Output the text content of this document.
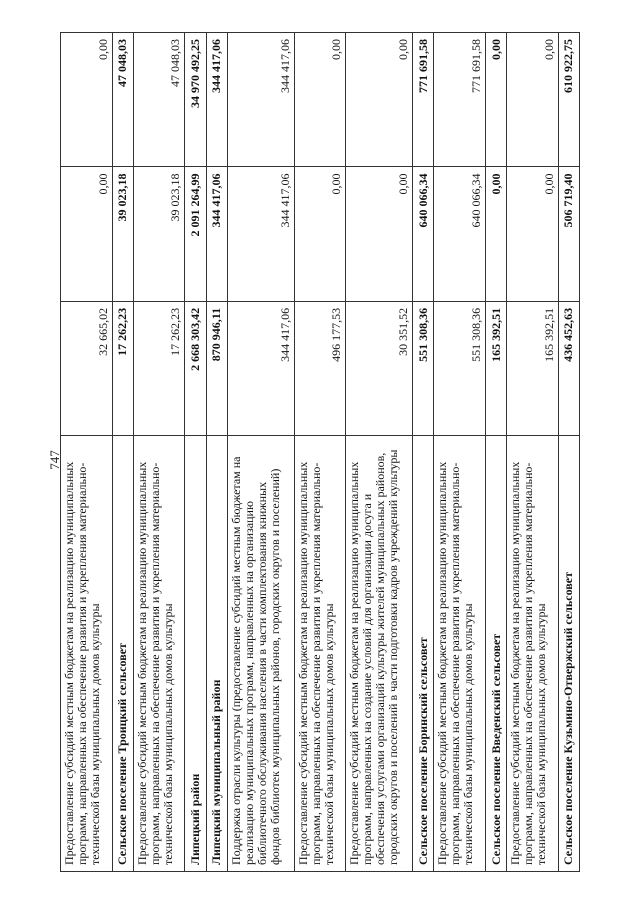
747
Предоставление субсидий местным бюджетам на реализацию муниципальных программ, направленных на обеспечение развития и укрепления материально-технической базы муниципальных домов культуры	32 665,02	0,00	0,00
Сельское поселение Троицкий сельсовет	17 262,23	39 023,18	47 048,03
Предоставление субсидий местным бюджетам на реализацию муниципальных программ, направленных на обеспечение развития и укрепления материально-технической базы муниципальных домов культуры	17 262,23	39 023,18	47 048,03
Липецкий район	2 668 303,42	2 091 264,99	34 970 492,25
Липецкий муниципальный район	870 946,11	344 417,06	344 417,06
Поддержка отрасли культуры (предоставление субсидий местным бюджетам на реализацию муниципальных программ, направленных на организацию библиотечного обслуживания населения в части комплектования книжных фондов библиотек муниципальных районов, городских округов и поселений)	344 417,06	344 417,06	344 417,06
Предоставление субсидий местным бюджетам на реализацию муниципальных программ, направленных на обеспечение развития и укрепления материально-технической базы муниципальных домов культуры	496 177,53	0,00	0,00
Предоставление субсидий местным бюджетам на реализацию муниципальных программ, направленных на создание условий для организации досуга и обеспечения услугами организаций культуры жителей муниципальных районов, городских округов и поселений в части подготовки кадров учреждений культуры	30 351,52	0,00	0,00
Сельское поселение Боринский сельсовет	551 308,36	640 066,34	771 691,58
Предоставление субсидий местным бюджетам на реализацию муниципальных программ, направленных на обеспечение развития и укрепления материально-технической базы муниципальных домов культуры	551 308,36	640 066,34	771 691,58
Сельское поселение Введенский сельсовет	165 392,51	0,00	0,00
Предоставление субсидий местным бюджетам на реализацию муниципальных программ, направленных на обеспечение развития и укрепления материально-технической базы муниципальных домов культуры	165 392,51	0,00	0,00
Сельское поселение Кузьмино-Отвержский сельсовет	436 452,63	506 719,40	610 922,75
